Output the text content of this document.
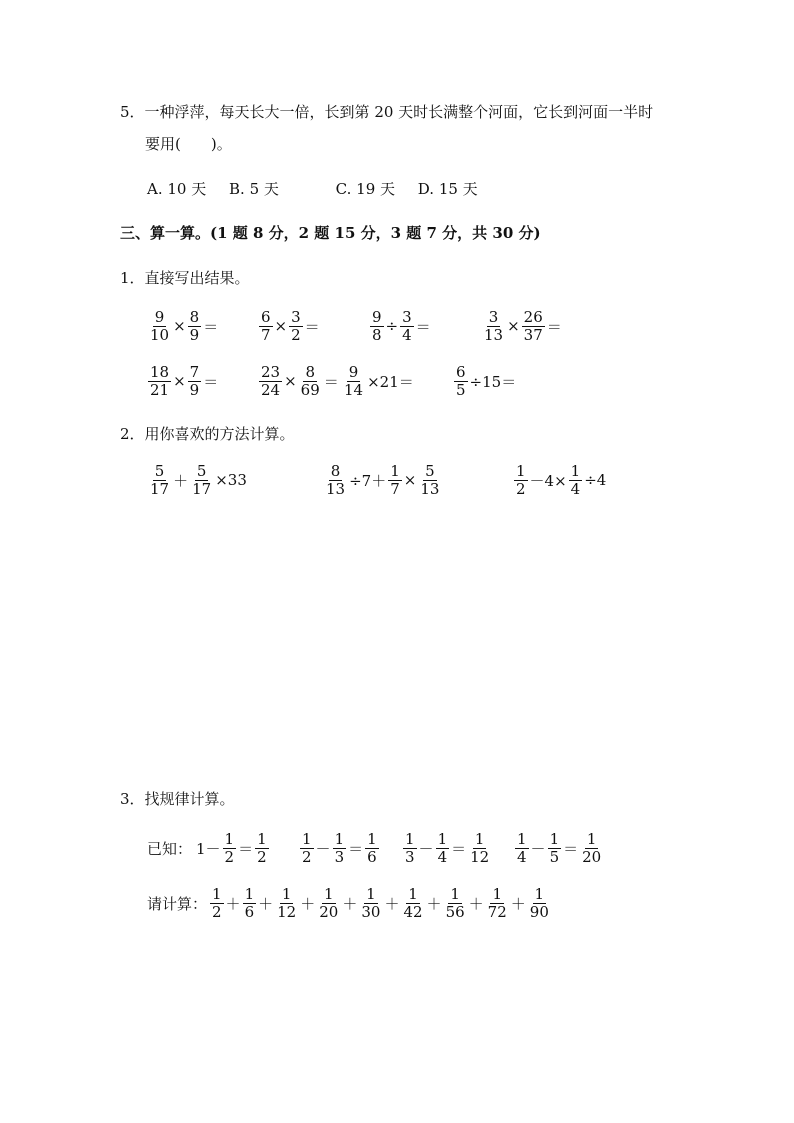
5．一种浮萍，每天长大一倍，长到第 20 天时长满整个河面，它长到河面一半时
要用(　　)。
A. 10 天 B. 5 天	C. 19 天 D. 15 天
三、算一算。(1 题 8 分，2 题 15 分，3 题 7 分，共 30 分)
1．直接写出结果。
$\frac{9}{10} \times \frac{8}{9}$ ＝	$\frac{6}{7} \times \frac{3}{2}$ ＝	$\frac{9}{8} \div \frac{3}{4}$ ＝	$\frac{3}{13} \times \frac{26}{37}$ ＝
$\frac{18}{21} \times \frac{7}{9}$ ＝	$\frac{23}{24} \times \frac{8}{69} = \frac{9}{14} \times 21=$	$\frac{6}{5} \div 15=$
2．用你喜欢的方法计算。
$\frac{5}{17} + \frac{5}{17} \times 33$	$\frac{8}{13} \div 7+ \frac{1}{7} \times \frac{5}{13}$	$\frac{1}{2} -4\times \frac{1}{4} \div 4$
3．找规律计算。
已知： $1- \frac{1}{2} = \frac{1}{2} \frac{1}{2} - \frac{1}{3} = \frac{1}{6} \frac{1}{3} - \frac{1}{4} = \frac{1}{12} \frac{1}{4} - \frac{1}{5} = \frac{1}{20}$
请计算： $\frac{1}{2} + \frac{1}{6} + \frac{1}{12} + \frac{1}{20} + \frac{1}{30} + \frac{1}{42} + \frac{1}{56} + \frac{1}{72} + \frac{1}{90}$
